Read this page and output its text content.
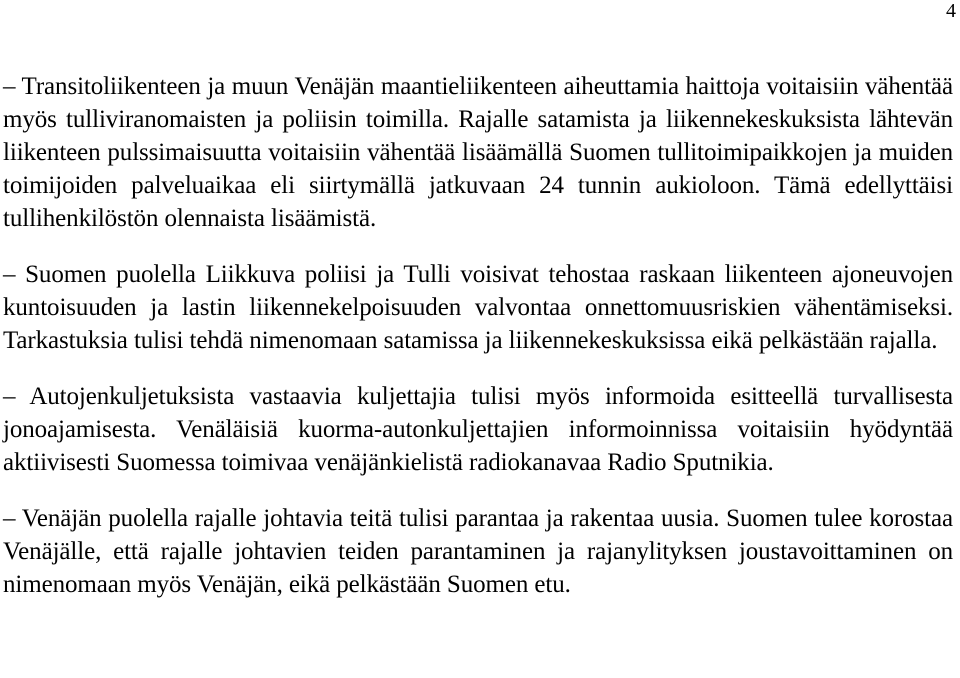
4

– Transitoliikenteen ja muun Venäjän maantieliikenteen aiheuttamia haittoja voitaisiin vähentää myös tulliviranomaisten ja poliisin toimilla. Rajalle satamista ja liikennekeskuksista lähtevän liikenteen pulssimaisuutta voitaisiin vähentää lisäämällä Suomen tullitoimipaikkojen ja muiden toimijoiden palveluaikaa eli siirtymällä jatkuvaan 24 tunnin aukioloon. Tämä edellyttäisi tullihenkilöstön olennaista lisäämistä.

– Suomen puolella Liikkuva poliisi ja Tulli voisivat tehostaa raskaan liikenteen ajoneuvojen kuntoisuuden ja lastin liikennekelpoisuuden valvontaa onnettomuusriskien vähentämiseksi. Tarkastuksia tulisi tehdä nimenomaan satamissa ja liikennekeskuksissa eikä pelkästään rajalla.

– Autojenkuljetuksista vastaavia kuljettajia tulisi myös informoida esitteellä turvallisesta jonoajamisesta. Venäläisiä kuorma-autonkuljettajien informoinnissa voitaisiin hyödyntää aktiivisesti Suomessa toimivaa venäjänkielistä radiokanavaa Radio Sputnikia.

– Venäjän puolella rajalle johtavia teitä tulisi parantaa ja rakentaa uusia. Suomen tulee korostaa Venäjälle, että rajalle johtavien teiden parantaminen ja rajanylityksen joustavoittaminen on nimenomaan myös Venäjän, eikä pelkästään Suomen etu.
